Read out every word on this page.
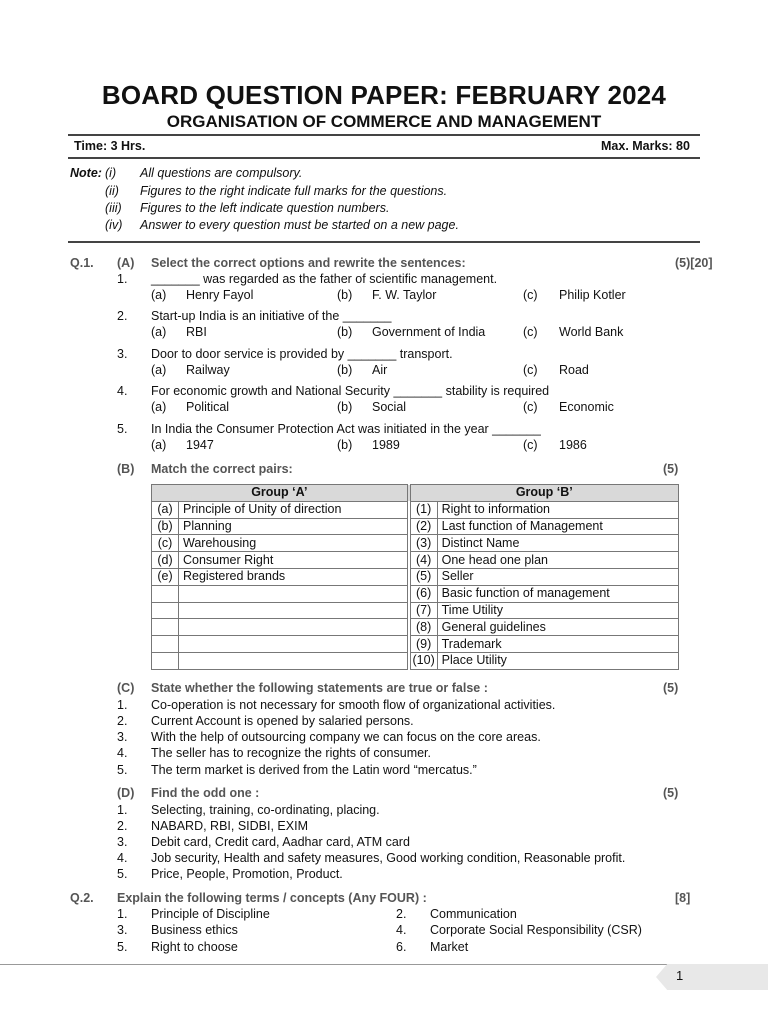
BOARD QUESTION PAPER: FEBRUARY 2024
ORGANISATION OF COMMERCE AND MANAGEMENT
Time: 3 Hrs.	Max. Marks: 80
Note: (i) All questions are compulsory.
(ii) Figures to the right indicate full marks for the questions.
(iii) Figures to the left indicate question numbers.
(iv) Answer to every question must be started on a new page.
Q.1. (A) Select the correct options and rewrite the sentences:	(5)[20]
1. _______ was regarded as the father of scientific management.
(a) Henry Fayol	(b) F. W. Taylor	(c) Philip Kotler
2. Start-up India is an initiative of the _______
(a) RBI	(b) Government of India	(c) World Bank
3. Door to door service is provided by _______ transport.
(a) Railway	(b) Air	(c) Road
4. For economic growth and National Security _______ stability is required
(a) Political	(b) Social	(c) Economic
5. In India the Consumer Protection Act was initiated in the year _______
(a) 1947	(b) 1989	(c) 1986
(B) Match the correct pairs:	(5)
Group ‘A’		Group ‘B’	
(a)	Principle of Unity of direction	(1)	Right to information
(b)	Planning	(2)	Last function of Management
(c)	Warehousing	(3)	Distinct Name
(d)	Consumer Right	(4)	One head one plan
(e)	Registered brands	(5)	Seller
		(6)	Basic function of management
		(7)	Time Utility
		(8)	General guidelines
		(9)	Trademark
		(10)	Place Utility
(C) State whether the following statements are true or false :	(5)
1. Co-operation is not necessary for smooth flow of organizational activities.
2. Current Account is opened by salaried persons.
3. With the help of outsourcing company we can focus on the core areas.
4. The seller has to recognize the rights of consumer.
5. The term market is derived from the Latin word “mercatus.”
(D) Find the odd one :	(5)
1. Selecting, training, co-ordinating, placing.
2. NABARD, RBI, SIDBI, EXIM
3. Debit card, Credit card, Aadhar card, ATM card
4. Job security, Health and safety measures, Good working condition, Reasonable profit.
5. Price, People, Promotion, Product.
Q.2. Explain the following terms / concepts (Any FOUR) :	[8]
1. Principle of Discipline	2. Communication
3. Business ethics	4. Corporate Social Responsibility (CSR)
5. Right to choose	6. Market
1
